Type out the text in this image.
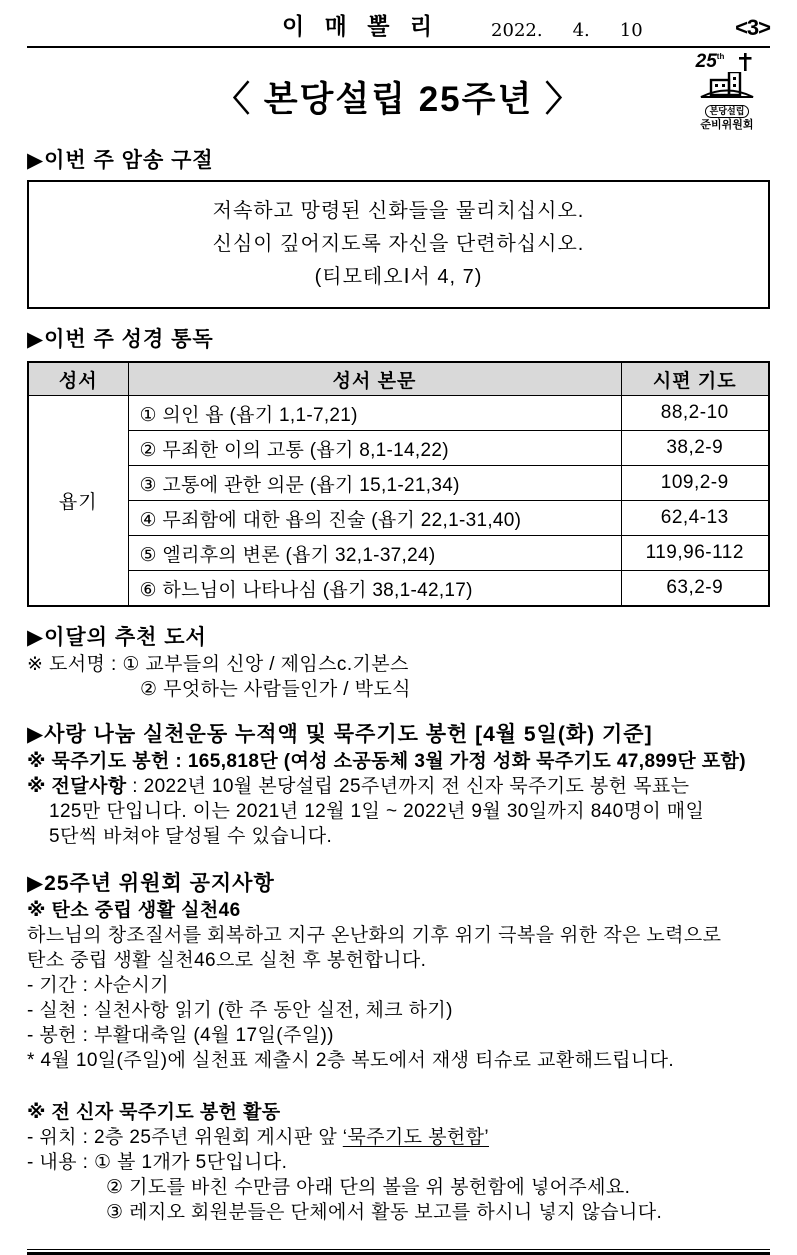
이 매 뽈 리	2022. 4. 10	<3>
〈 본당설립 25주년 〉
25 th
본당설립
준비위원회
▶이번 주 암송 구절
저속하고 망령된 신화들을 물리치십시오.
신심이 깊어지도록 자신을 단련하십시오.
(티모테오Ⅰ서 4, 7)
▶이번 주 성경 통독
성서	성서 본문	시편 기도
욥기	① 의인 욥 (욥기 1,1-7,21)	88,2-10
	② 무죄한 이의 고통 (욥기 8,1-14,22)	38,2-9
	③ 고통에 관한 의문 (욥기 15,1-21,34)	109,2-9
	④ 무죄함에 대한 욥의 진술 (욥기 22,1-31,40)	62,4-13
	⑤ 엘리후의 변론 (욥기 32,1-37,24)	119,96-112
	⑥ 하느님이 나타나심 (욥기 38,1-42,17)	63,2-9
▶이달의 추천 도서
※ 도서명 : ① 교부들의 신앙 / 제임스c.기본스
② 무엇하는 사람들인가 / 박도식
▶사랑 나눔 실천운동 누적액 및 묵주기도 봉헌 [4월 5일(화) 기준]
※ 묵주기도 봉헌 : 165,818단 (여성 소공동체 3월 가정 성화 묵주기도 47,899단 포함)
※ 전달사항 : 2022년 10월 본당설립 25주년까지 전 신자 묵주기도 봉헌 목표는
125만 단입니다. 이는 2021년 12월 1일 ~ 2022년 9월 30일까지 840명이 매일
5단씩 바쳐야 달성될 수 있습니다.
▶25주년 위원회 공지사항
※ 탄소 중립 생활 실천46
하느님의 창조질서를 회복하고 지구 온난화의 기후 위기 극복을 위한 작은 노력으로
탄소 중립 생활 실천46으로 실천 후 봉헌합니다.
- 기간 : 사순시기
- 실천 : 실천사항 읽기 (한 주 동안 실전, 체크 하기)
- 봉헌 : 부활대축일 (4월 17일(주일))
* 4월 10일(주일)에 실천표 제출시 2층 복도에서 재생 티슈로 교환해드립니다.
※ 전 신자 묵주기도 봉헌 활동
- 위치 : 2층 25주년 위원회 게시판 앞 ‘묵주기도 봉헌함’
- 내용 : ① 볼 1개가 5단입니다.
② 기도를 바친 수만큼 아래 단의 볼을 위 봉헌함에 넣어주세요.
③ 레지오 회원분들은 단체에서 활동 보고를 하시니 넣지 않습니다.
